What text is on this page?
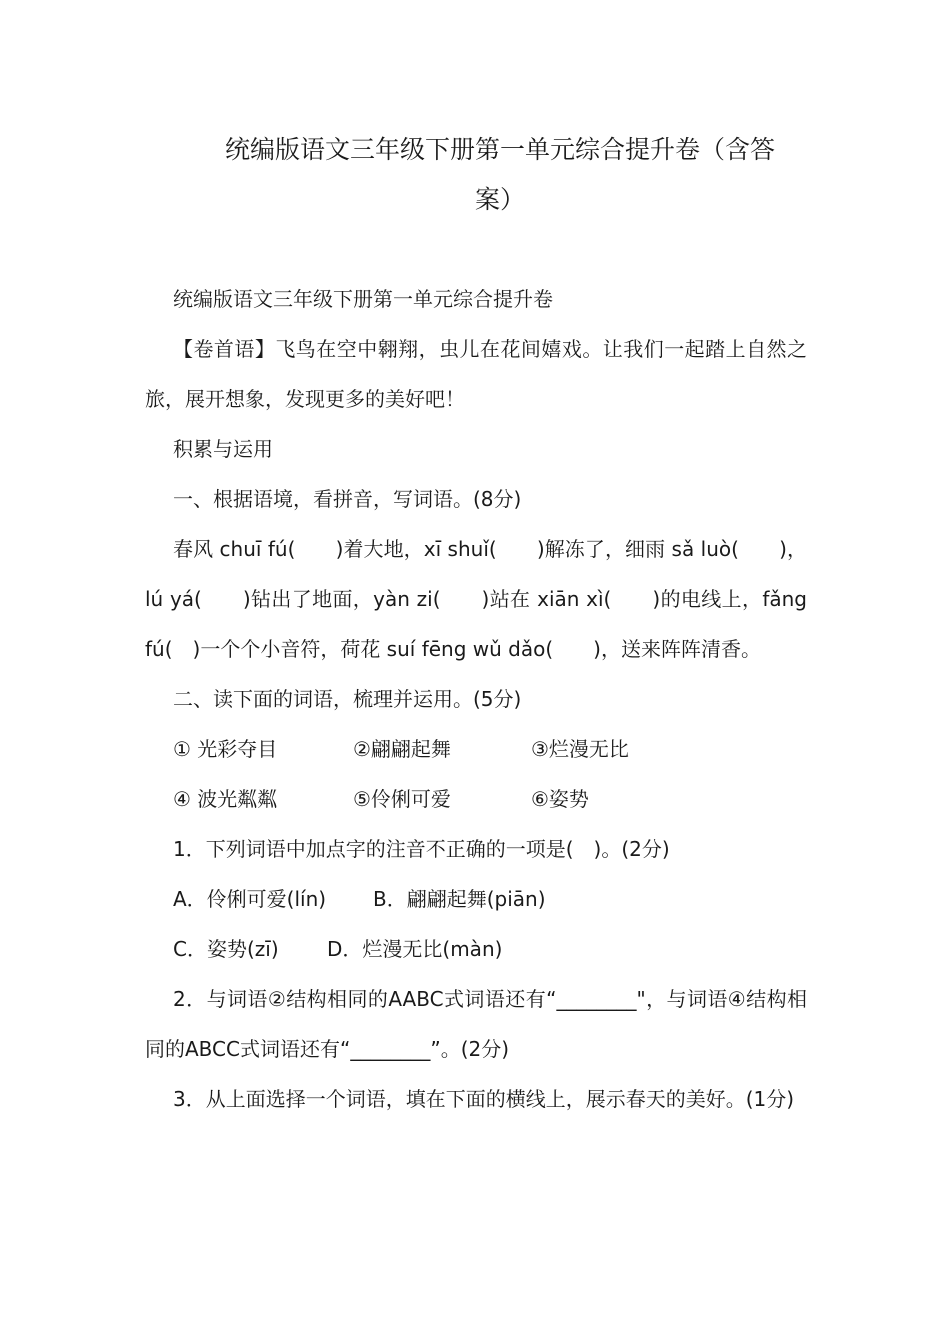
统编版语文三年级下册第一单元综合提升卷（含答
案）

统编版语文三年级下册第一单元综合提升卷

【卷首语】飞鸟在空中翱翔，虫儿在花间嬉戏。让我们一起踏上自然之旅，展开想象，发现更多的美好吧！

积累与运用

一、根据语境，看拼音，写词语。(8分)

春风 chuī fú(　　)着大地，xī shuǐ(　　)解冻了，细雨 sǎ luò(　　)，lú yá(　　)钻出了地面，yàn zi(　　)站在 xiān xì(　　)的电线上，fǎng fú(　)一个个小音符，荷花 suí fēng wǔ dǎo(　　)，送来阵阵清香。

二、读下面的词语，梳理并运用。(5分)

① 光彩夺目	②翩翩起舞	③烂漫无比
④ 波光粼粼	⑤伶俐可爱	⑥姿势

1．下列词语中加点字的注音不正确的一项是(　)。(2分)

A．伶俐可爱(lín)	B．翩翩起舞(piān)
C．姿势(zī)	D．烂漫无比(màn)

2．与词语②结构相同的AABC式词语还有“________"，与词语④结构相同的ABCC式词语还有“________”。(2分)

3．从上面选择一个词语，填在下面的横线上，展示春天的美好。(1分)
